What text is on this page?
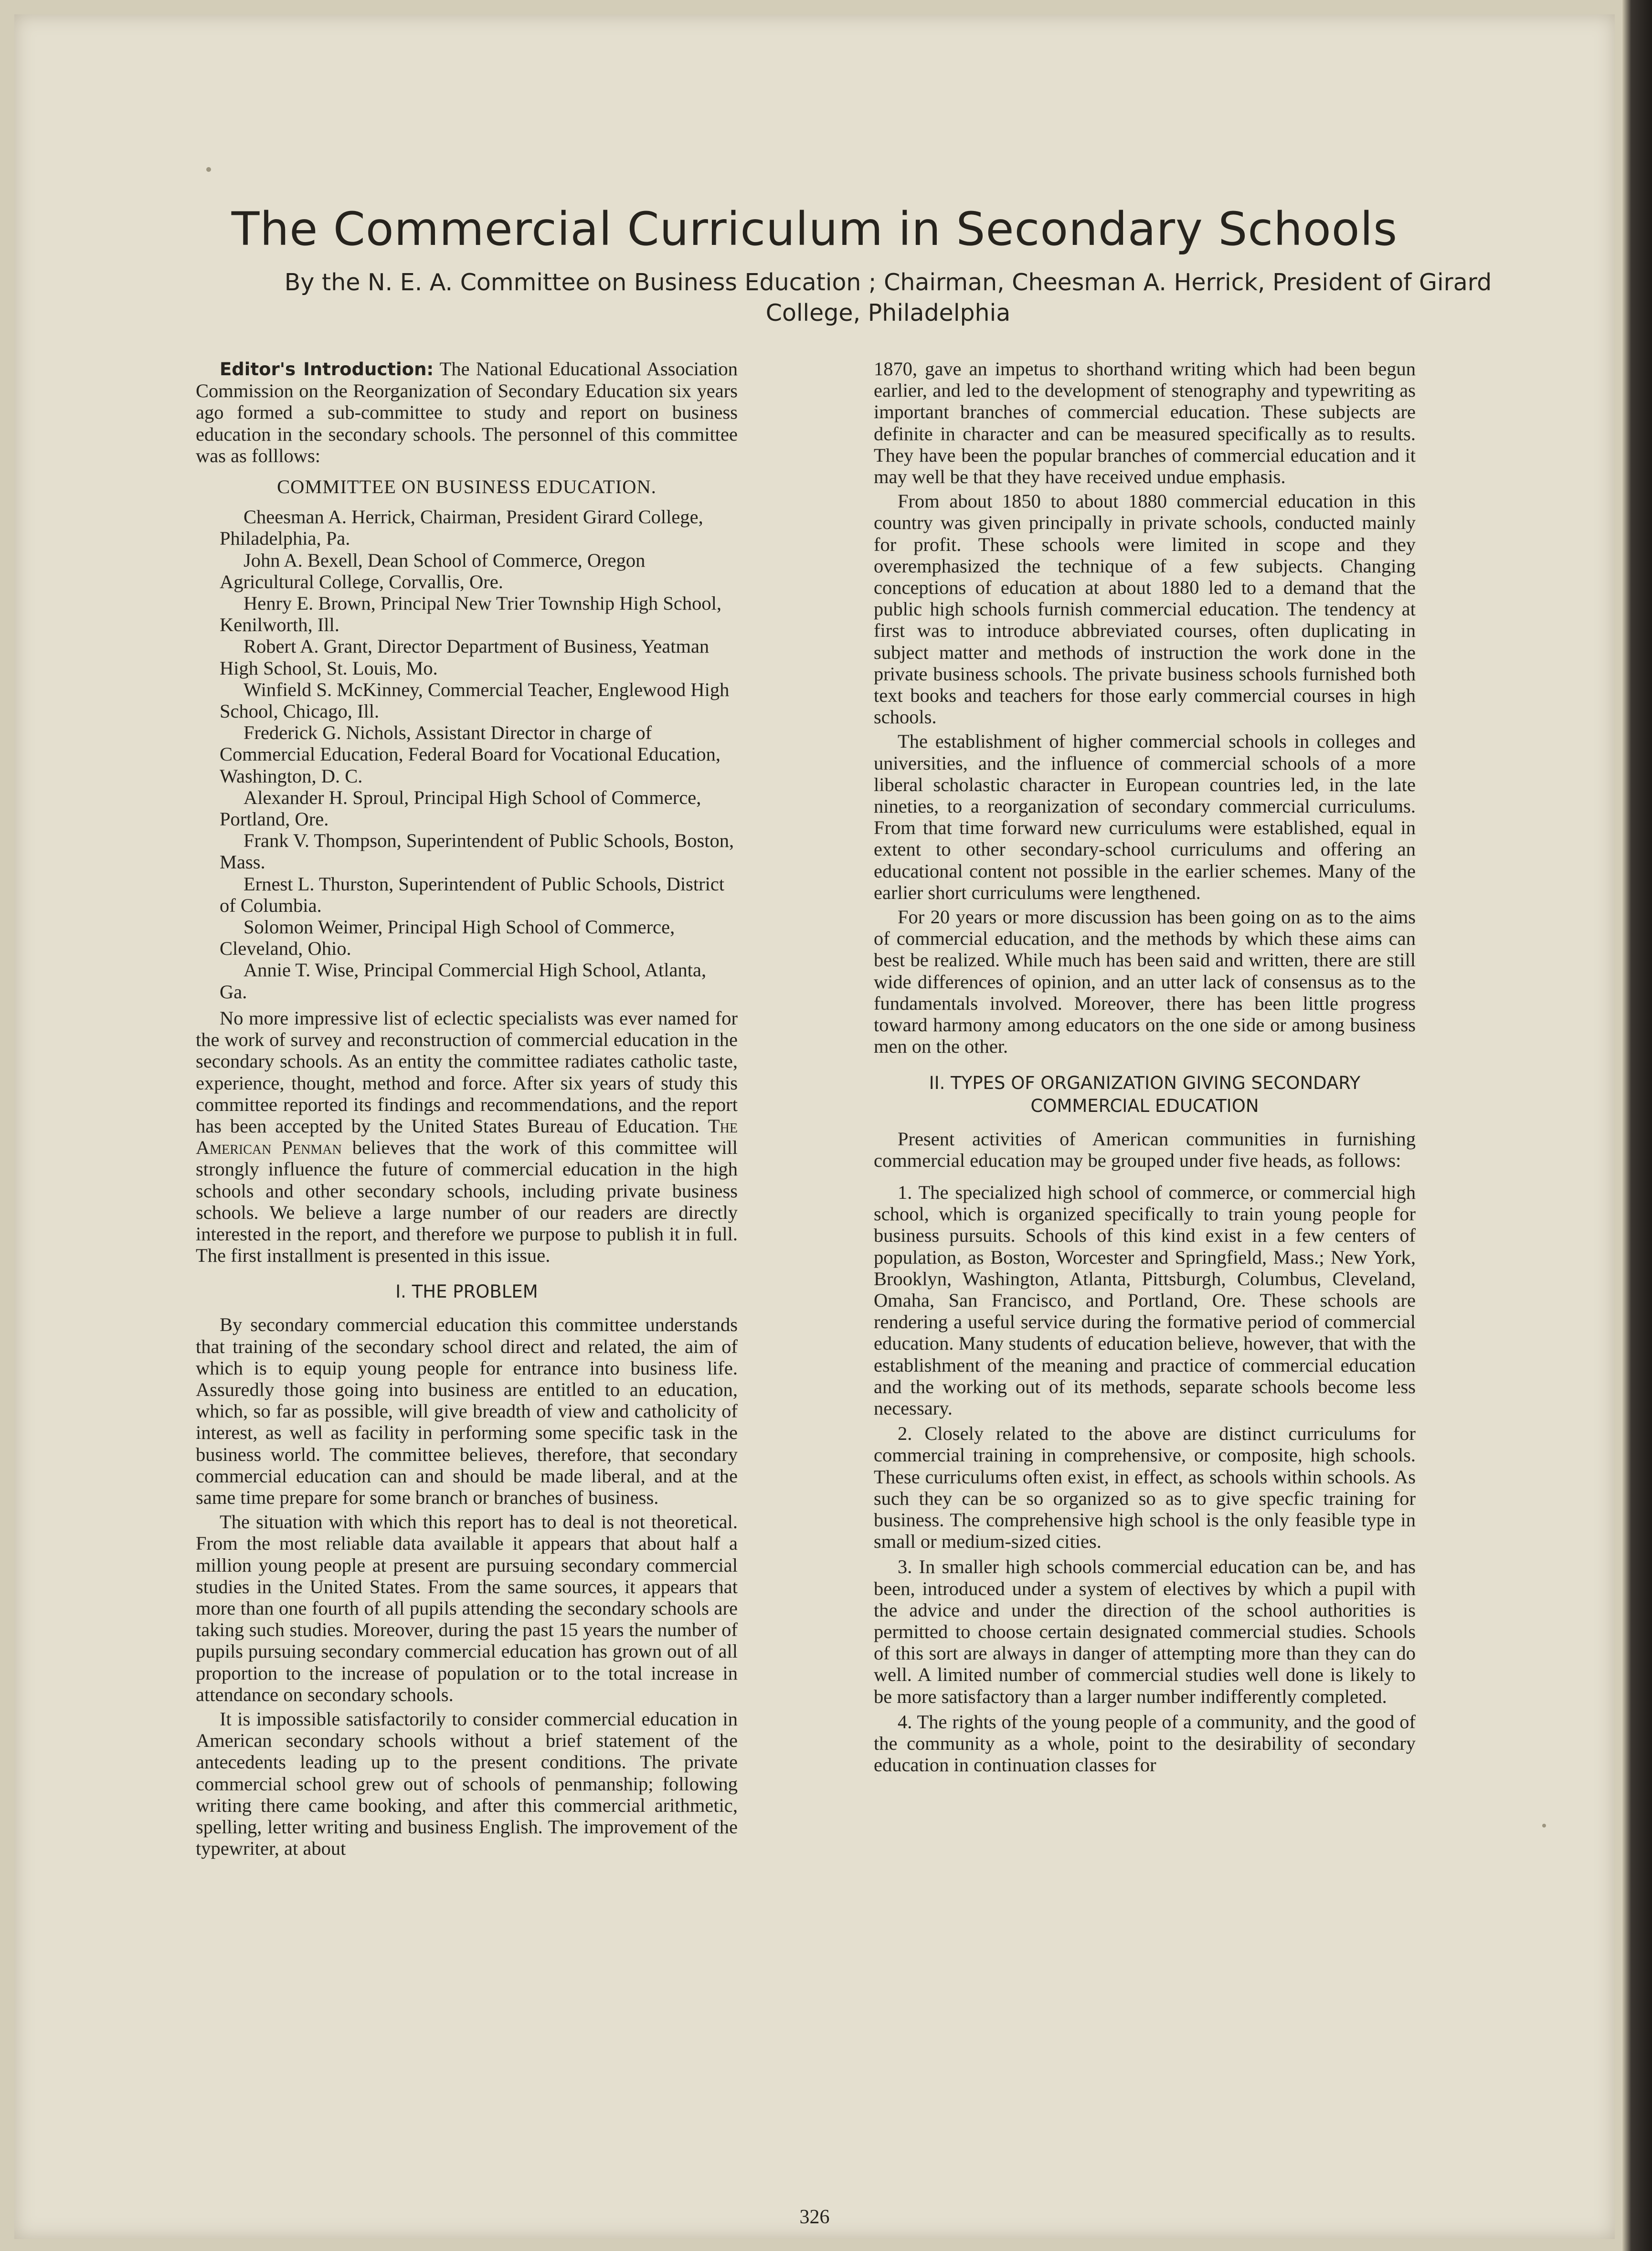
The Commercial Curriculum in Secondary Schools

By the N. E. A. Committee on Business Education ; Chairman, Cheesman A. Herrick, President of Girard College, Philadelphia

Editor's Introduction: The National Educational Association Commission on the Reorganization of Secondary Education six years ago formed a sub-committee to study and report on business education in the secondary schools. The personnel of this committee was as folllows:

COMMITTEE ON BUSINESS EDUCATION.

Cheesman A. Herrick, Chairman, President Girard College, Philadelphia, Pa.

John A. Bexell, Dean School of Commerce, Oregon Agricultural College, Corvallis, Ore.

Henry E. Brown, Principal New Trier Township High School, Kenilworth, Ill.

Robert A. Grant, Director Department of Business, Yeatman High School, St. Louis, Mo.

Winfield S. McKinney, Commercial Teacher, Englewood High School, Chicago, Ill.

Frederick G. Nichols, Assistant Director in charge of Commercial Education, Federal Board for Vocational Education, Washington, D. C.

Alexander H. Sproul, Principal High School of Commerce, Portland, Ore.

Frank V. Thompson, Superintendent of Public Schools, Boston, Mass.

Ernest L. Thurston, Superintendent of Public Schools, District of Columbia.

Solomon Weimer, Principal High School of Commerce, Cleveland, Ohio.

Annie T. Wise, Principal Commercial High School, Atlanta, Ga.

No more impressive list of eclectic specialists was ever named for the work of survey and reconstruction of commercial education in the secondary schools. As an entity the committee radiates catholic taste, experience, thought, method and force. After six years of study this committee reported its findings and recommendations, and the report has been accepted by the United States Bureau of Education. The American Penman believes that the work of this committee will strongly influence the future of commercial education in the high schools and other secondary schools, including private business schools. We believe a large number of our readers are directly interested in the report, and therefore we purpose to publish it in full. The first installment is presented in this issue.

I. THE PROBLEM

By secondary commercial education this committee understands that training of the secondary school direct and related, the aim of which is to equip young people for entrance into business life. Assuredly those going into business are entitled to an education, which, so far as possible, will give breadth of view and catholicity of interest, as well as facility in performing some specific task in the business world. The committee believes, therefore, that secondary commercial education can and should be made liberal, and at the same time prepare for some branch or branches of business.

The situation with which this report has to deal is not theoretical. From the most reliable data available it appears that about half a million young people at present are pursuing secondary commercial studies in the United States. From the same sources, it appears that more than one fourth of all pupils attending the secondary schools are taking such studies. Moreover, during the past 15 years the number of pupils pursuing secondary commercial education has grown out of all proportion to the increase of population or to the total increase in attendance on secondary schools.

It is impossible satisfactorily to consider commercial education in American secondary schools without a brief statement of the antecedents leading up to the present conditions. The private commercial school grew out of schools of penmanship; following writing there came booking, and after this commercial arithmetic, spelling, letter writing and business English. The improvement of the typewriter, at about

1870, gave an impetus to shorthand writing which had been begun earlier, and led to the development of stenography and typewriting as important branches of commercial education. These subjects are definite in character and can be measured specifically as to results. They have been the popular branches of commercial education and it may well be that they have received undue emphasis.

From about 1850 to about 1880 commercial education in this country was given principally in private schools, conducted mainly for profit. These schools were limited in scope and they overemphasized the technique of a few subjects. Changing conceptions of education at about 1880 led to a demand that the public high schools furnish commercial education. The tendency at first was to introduce abbreviated courses, often duplicating in subject matter and methods of instruction the work done in the private business schools. The private business schools furnished both text books and teachers for those early commercial courses in high schools.

The establishment of higher commercial schools in colleges and universities, and the influence of commercial schools of a more liberal scholastic character in European countries led, in the late nineties, to a reorganization of secondary commercial curriculums. From that time forward new curriculums were established, equal in extent to other secondary-school curriculums and offering an educational content not possible in the earlier schemes. Many of the earlier short curriculums were lengthened.

For 20 years or more discussion has been going on as to the aims of commercial education, and the methods by which these aims can best be realized. While much has been said and written, there are still wide differences of opinion, and an utter lack of consensus as to the fundamentals involved. Moreover, there has been little progress toward harmony among educators on the one side or among business men on the other.

II. TYPES OF ORGANIZATION GIVING SECONDARY
COMMERCIAL EDUCATION

Present activities of American communities in furnishing commercial education may be grouped under five heads, as follows:

1. The specialized high school of commerce, or commercial high school, which is organized specifically to train young people for business pursuits. Schools of this kind exist in a few centers of population, as Boston, Worcester and Springfield, Mass.; New York, Brooklyn, Washington, Atlanta, Pittsburgh, Columbus, Cleveland, Omaha, San Francisco, and Portland, Ore. These schools are rendering a useful service during the formative period of commercial education. Many students of education believe, however, that with the establishment of the meaning and practice of commercial education and the working out of its methods, separate schools become less necessary.

2. Closely related to the above are distinct curriculums for commercial training in comprehensive, or composite, high schools. These curriculums often exist, in effect, as schools within schools. As such they can be so organized so as to give specfic training for business. The comprehensive high school is the only feasible type in small or medium-sized cities.

3. In smaller high schools commercial education can be, and has been, introduced under a system of electives by which a pupil with the advice and under the direction of the school authorities is permitted to choose certain designated commercial studies. Schools of this sort are always in danger of attempting more than they can do well. A limited number of commercial studies well done is likely to be more satisfactory than a larger number indifferently completed.

4. The rights of the young people of a community, and the good of the community as a whole, point to the desirability of secondary education in continuation classes for

326
